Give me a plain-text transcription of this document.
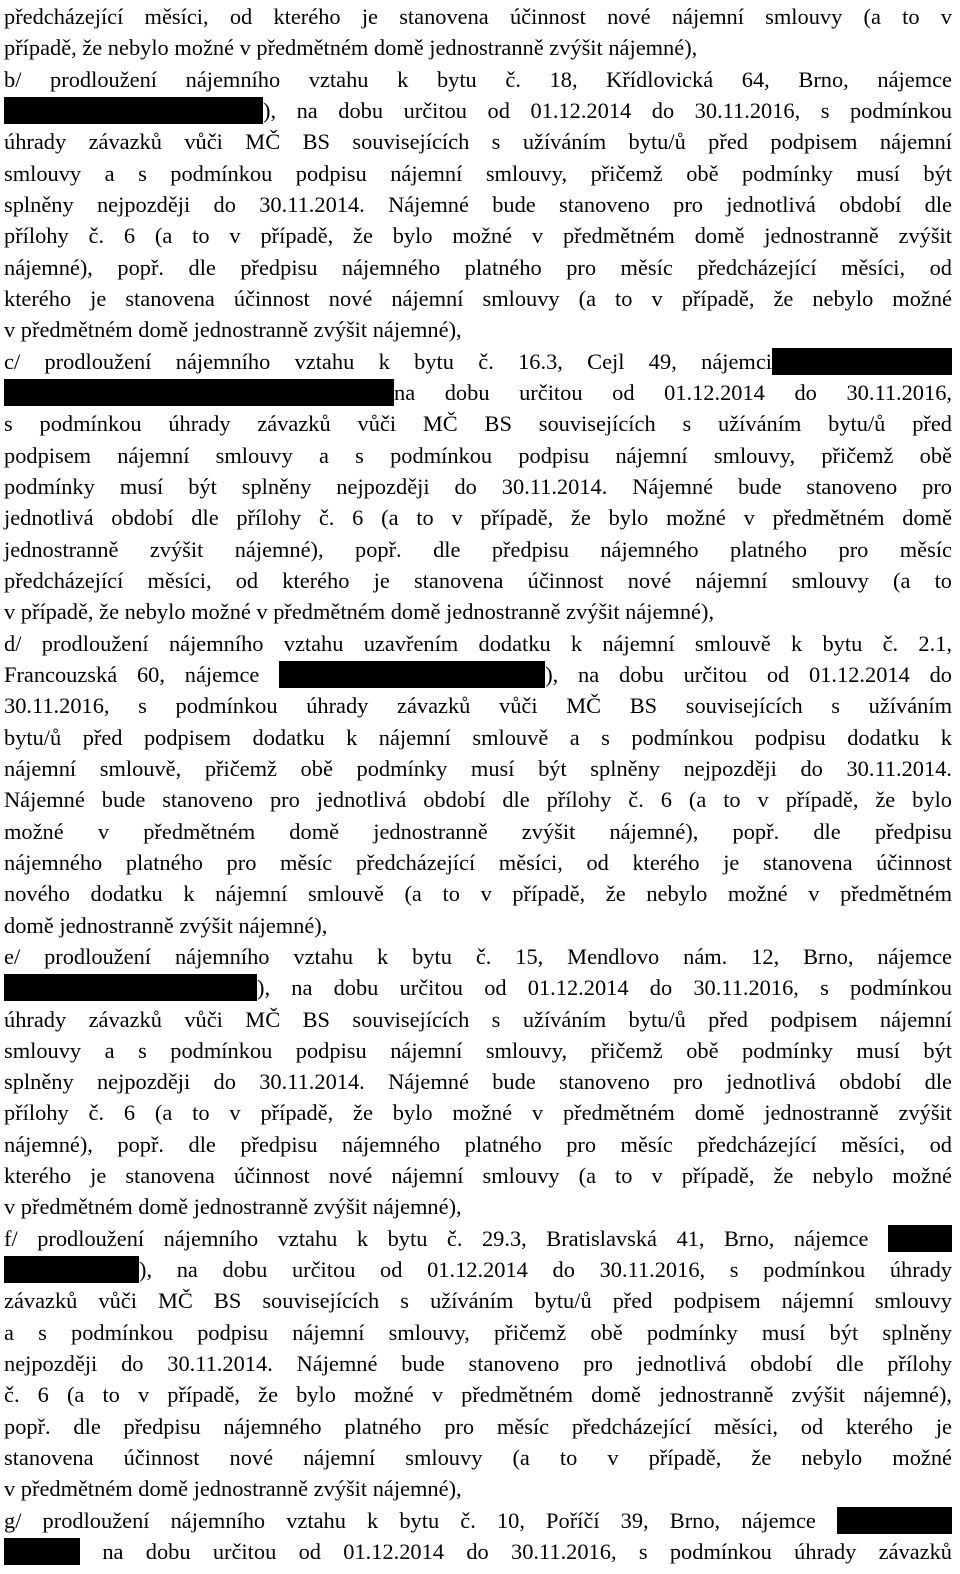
předcházející měsíci, od kterého je stanovena účinnost nové nájemní smlouvy (a to v
případě, že nebylo možné v předmětném domě jednostranně zvýšit nájemné),
b/ prodloužení nájemního vztahu k bytu č. 18, Křídlovická 64, Brno, nájemce
), na dobu určitou od 01.12.2014 do 30.11.2016, s podmínkou
úhrady závazků vůči MČ BS souvisejících s užíváním bytu/ů před podpisem nájemní
smlouvy a s podmínkou podpisu nájemní smlouvy, přičemž obě podmínky musí být
splněny nejpozději do 30.11.2014. Nájemné bude stanoveno pro jednotlivá období dle
přílohy č. 6 (a to v případě, že bylo možné v předmětném domě jednostranně zvýšit
nájemné), popř. dle předpisu nájemného platného pro měsíc předcházející měsíci, od
kterého je stanovena účinnost nové nájemní smlouvy (a to v případě, že nebylo možné
v předmětném domě jednostranně zvýšit nájemné),
c/ prodloužení nájemního vztahu k bytu č. 16.3, Cejl 49, nájemci
na dobu určitou od 01.12.2014 do 30.11.2016,
s podmínkou úhrady závazků vůči MČ BS souvisejících s užíváním bytu/ů před
podpisem nájemní smlouvy a s podmínkou podpisu nájemní smlouvy, přičemž obě
podmínky musí být splněny nejpozději do 30.11.2014. Nájemné bude stanoveno pro
jednotlivá období dle přílohy č. 6 (a to v případě, že bylo možné v předmětném domě
jednostranně zvýšit nájemné), popř. dle předpisu nájemného platného pro měsíc
předcházející měsíci, od kterého je stanovena účinnost nové nájemní smlouvy (a to
v případě, že nebylo možné v předmětném domě jednostranně zvýšit nájemné),
d/ prodloužení nájemního vztahu uzavřením dodatku k nájemní smlouvě k bytu č. 2.1,
Francouzská 60, nájemce	), na dobu určitou od 01.12.2014 do
30.11.2016, s podmínkou úhrady závazků vůči MČ BS souvisejících s užíváním
bytu/ů před podpisem dodatku k nájemní smlouvě a s podmínkou podpisu dodatku k
nájemní smlouvě, přičemž obě podmínky musí být splněny nejpozději do 30.11.2014.
Nájemné bude stanoveno pro jednotlivá období dle přílohy č. 6 (a to v případě, že bylo
možné v předmětném domě jednostranně zvýšit nájemné), popř. dle předpisu
nájemného platného pro měsíc předcházející měsíci, od kterého je stanovena účinnost
nového dodatku k nájemní smlouvě (a to v případě, že nebylo možné v předmětném
domě jednostranně zvýšit nájemné),
e/ prodloužení nájemního vztahu k bytu č. 15, Mendlovo nám. 12, Brno, nájemce
), na dobu určitou od 01.12.2014 do 30.11.2016, s podmínkou
úhrady závazků vůči MČ BS souvisejících s užíváním bytu/ů před podpisem nájemní
smlouvy a s podmínkou podpisu nájemní smlouvy, přičemž obě podmínky musí být
splněny nejpozději do 30.11.2014. Nájemné bude stanoveno pro jednotlivá období dle
přílohy č. 6 (a to v případě, že bylo možné v předmětném domě jednostranně zvýšit
nájemné), popř. dle předpisu nájemného platného pro měsíc předcházející měsíci, od
kterého je stanovena účinnost nové nájemní smlouvy (a to v případě, že nebylo možné
v předmětném domě jednostranně zvýšit nájemné),
f/ prodloužení nájemního vztahu k bytu č. 29.3, Bratislavská 41, Brno, nájemce
), na dobu určitou od 01.12.2014 do 30.11.2016, s podmínkou úhrady
závazků vůči MČ BS souvisejících s užíváním bytu/ů před podpisem nájemní smlouvy
a s podmínkou podpisu nájemní smlouvy, přičemž obě podmínky musí být splněny
nejpozději do 30.11.2014. Nájemné bude stanoveno pro jednotlivá období dle přílohy
č. 6 (a to v případě, že bylo možné v předmětném domě jednostranně zvýšit nájemné),
popř. dle předpisu nájemného platného pro měsíc předcházející měsíci, od kterého je
stanovena účinnost nové nájemní smlouvy (a to v případě, že nebylo možné
v předmětném domě jednostranně zvýšit nájemné),
g/ prodloužení nájemního vztahu k bytu č. 10, Poříčí 39, Brno, nájemce
na dobu určitou od 01.12.2014 do 30.11.2016, s podmínkou úhrady závazků
